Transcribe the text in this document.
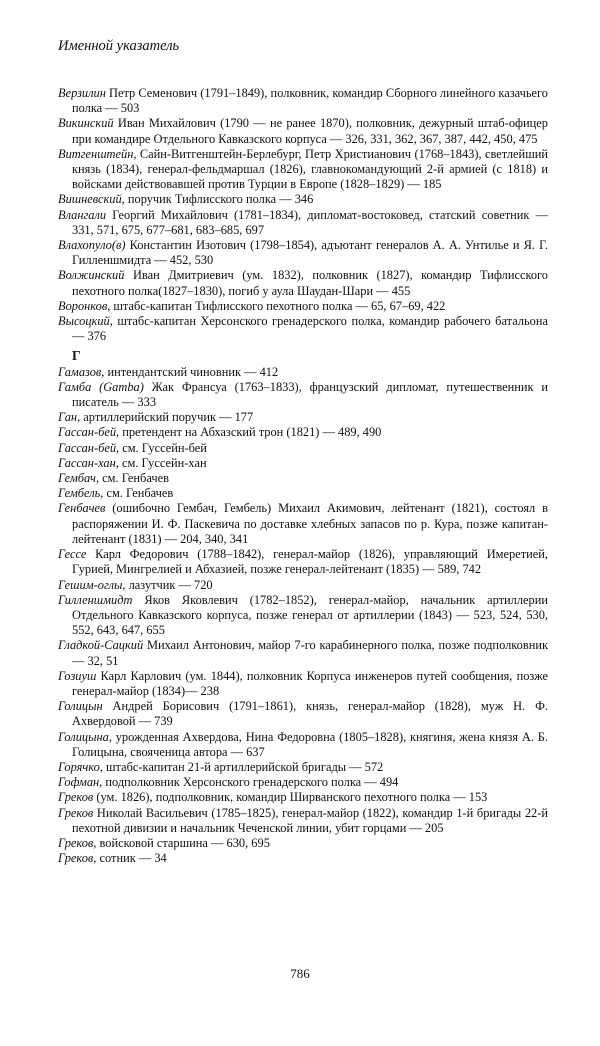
Именной указатель

Верзилин Петр Семенович (1791–1849), полковник, командир Сборного линейного казачьего полка — 503

Викинский Иван Михайлович (1790 — не ранее 1870), полковник, дежурный штаб-офицер при командире Отдельного Кавказского корпуса — 326, 331, 362, 367, 387, 442, 450, 475

Витгенштейн, Сайн-Витгенштейн-Берлебург, Петр Христианович (1768–1843), светлейший князь (1834), генерал-фельдмаршал (1826), главнокомандующий 2-й армией (с 1818) и войсками действовавшей против Турции в Европе (1828–1829) — 185

Вишневский, поручик Тифлисского полка — 346

Влангали Георгий Михайлович (1781–1834), дипломат-востоковед, статский советник — 331, 571, 675, 677–681, 683–685, 697

Влахопуло(в) Константин Изотович (1798–1854), адъютант генералов А. А. Унтилье и Я. Г. Гилленшмидта — 452, 530

Волжинский Иван Дмитриевич (ум. 1832), полковник (1827), командир Тифлисского пехотного полка(1827–1830), погиб у аула Шаудан-Шари — 455

Воронков, штабс-капитан Тифлисского пехотного полка — 65, 67–69, 422

Высоцкий, штабс-капитан Херсонского гренадерского полка, командир рабочего батальона — 376

Г

Гамазов, интендантский чиновник — 412

Гамба (Gamba) Жак Франсуа (1763–1833), французский дипломат, путешественник и писатель — 333

Ган, артиллерийский поручик — 177

Гассан-бей, претендент на Абхазский трон (1821) — 489, 490

Гассан-бей, см. Гуссейн-бей

Гассан-хан, см. Гуссейн-хан

Гембач, см. Генбачев

Гембель, см. Генбачев

Генбачев (ошибочно Гембач, Гембель) Михаил Акимович, лейтенант (1821), состоял в распоряжении И. Ф. Паскевича по доставке хлебных запасов по р. Кура, позже капитан-лейтенант (1831) — 204, 340, 341

Гессе Карл Федорович (1788–1842), генерал-майор (1826), управляющий Имеретией, Гурией, Мингрелией и Абхазией, позже генерал-лейтенант (1835) — 589, 742

Гешим-оглы, лазутчик — 720

Гилленшмидт Яков Яковлевич (1782–1852), генерал-майор, начальник артиллерии Отдельного Кавказского корпуса, позже генерал от артиллерии (1843) — 523, 524, 530, 552, 643, 647, 655

Гладкой-Сацкий Михаил Антонович, майор 7-го карабинерного полка, позже подполковник — 32, 51

Гозиуш Карл Карлович (ум. 1844), полковник Корпуса инженеров путей сообщения, позже генерал-майор (1834)— 238

Голицын Андрей Борисович (1791–1861), князь, генерал-майор (1828), муж Н. Ф. Ахвердовой — 739

Голицына, урожденная Ахвердова, Нина Федоровна (1805–1828), княгиня, жена князя А. Б. Голицына, свояченица автора — 637

Горячко, штабс-капитан 21-й артиллерийской бригады — 572

Гофман, подполковник Херсонского гренадерского полка — 494

Греков (ум. 1826), подполковник, командир Ширванского пехотного полка — 153

Греков Николай Васильевич (1785–1825), генерал-майор (1822), командир 1-й бригады 22-й пехотной дивизии и начальник Чеченской линии, убит горцами — 205

Греков, войсковой старшина — 630, 695

Греков, сотник — 34

786
